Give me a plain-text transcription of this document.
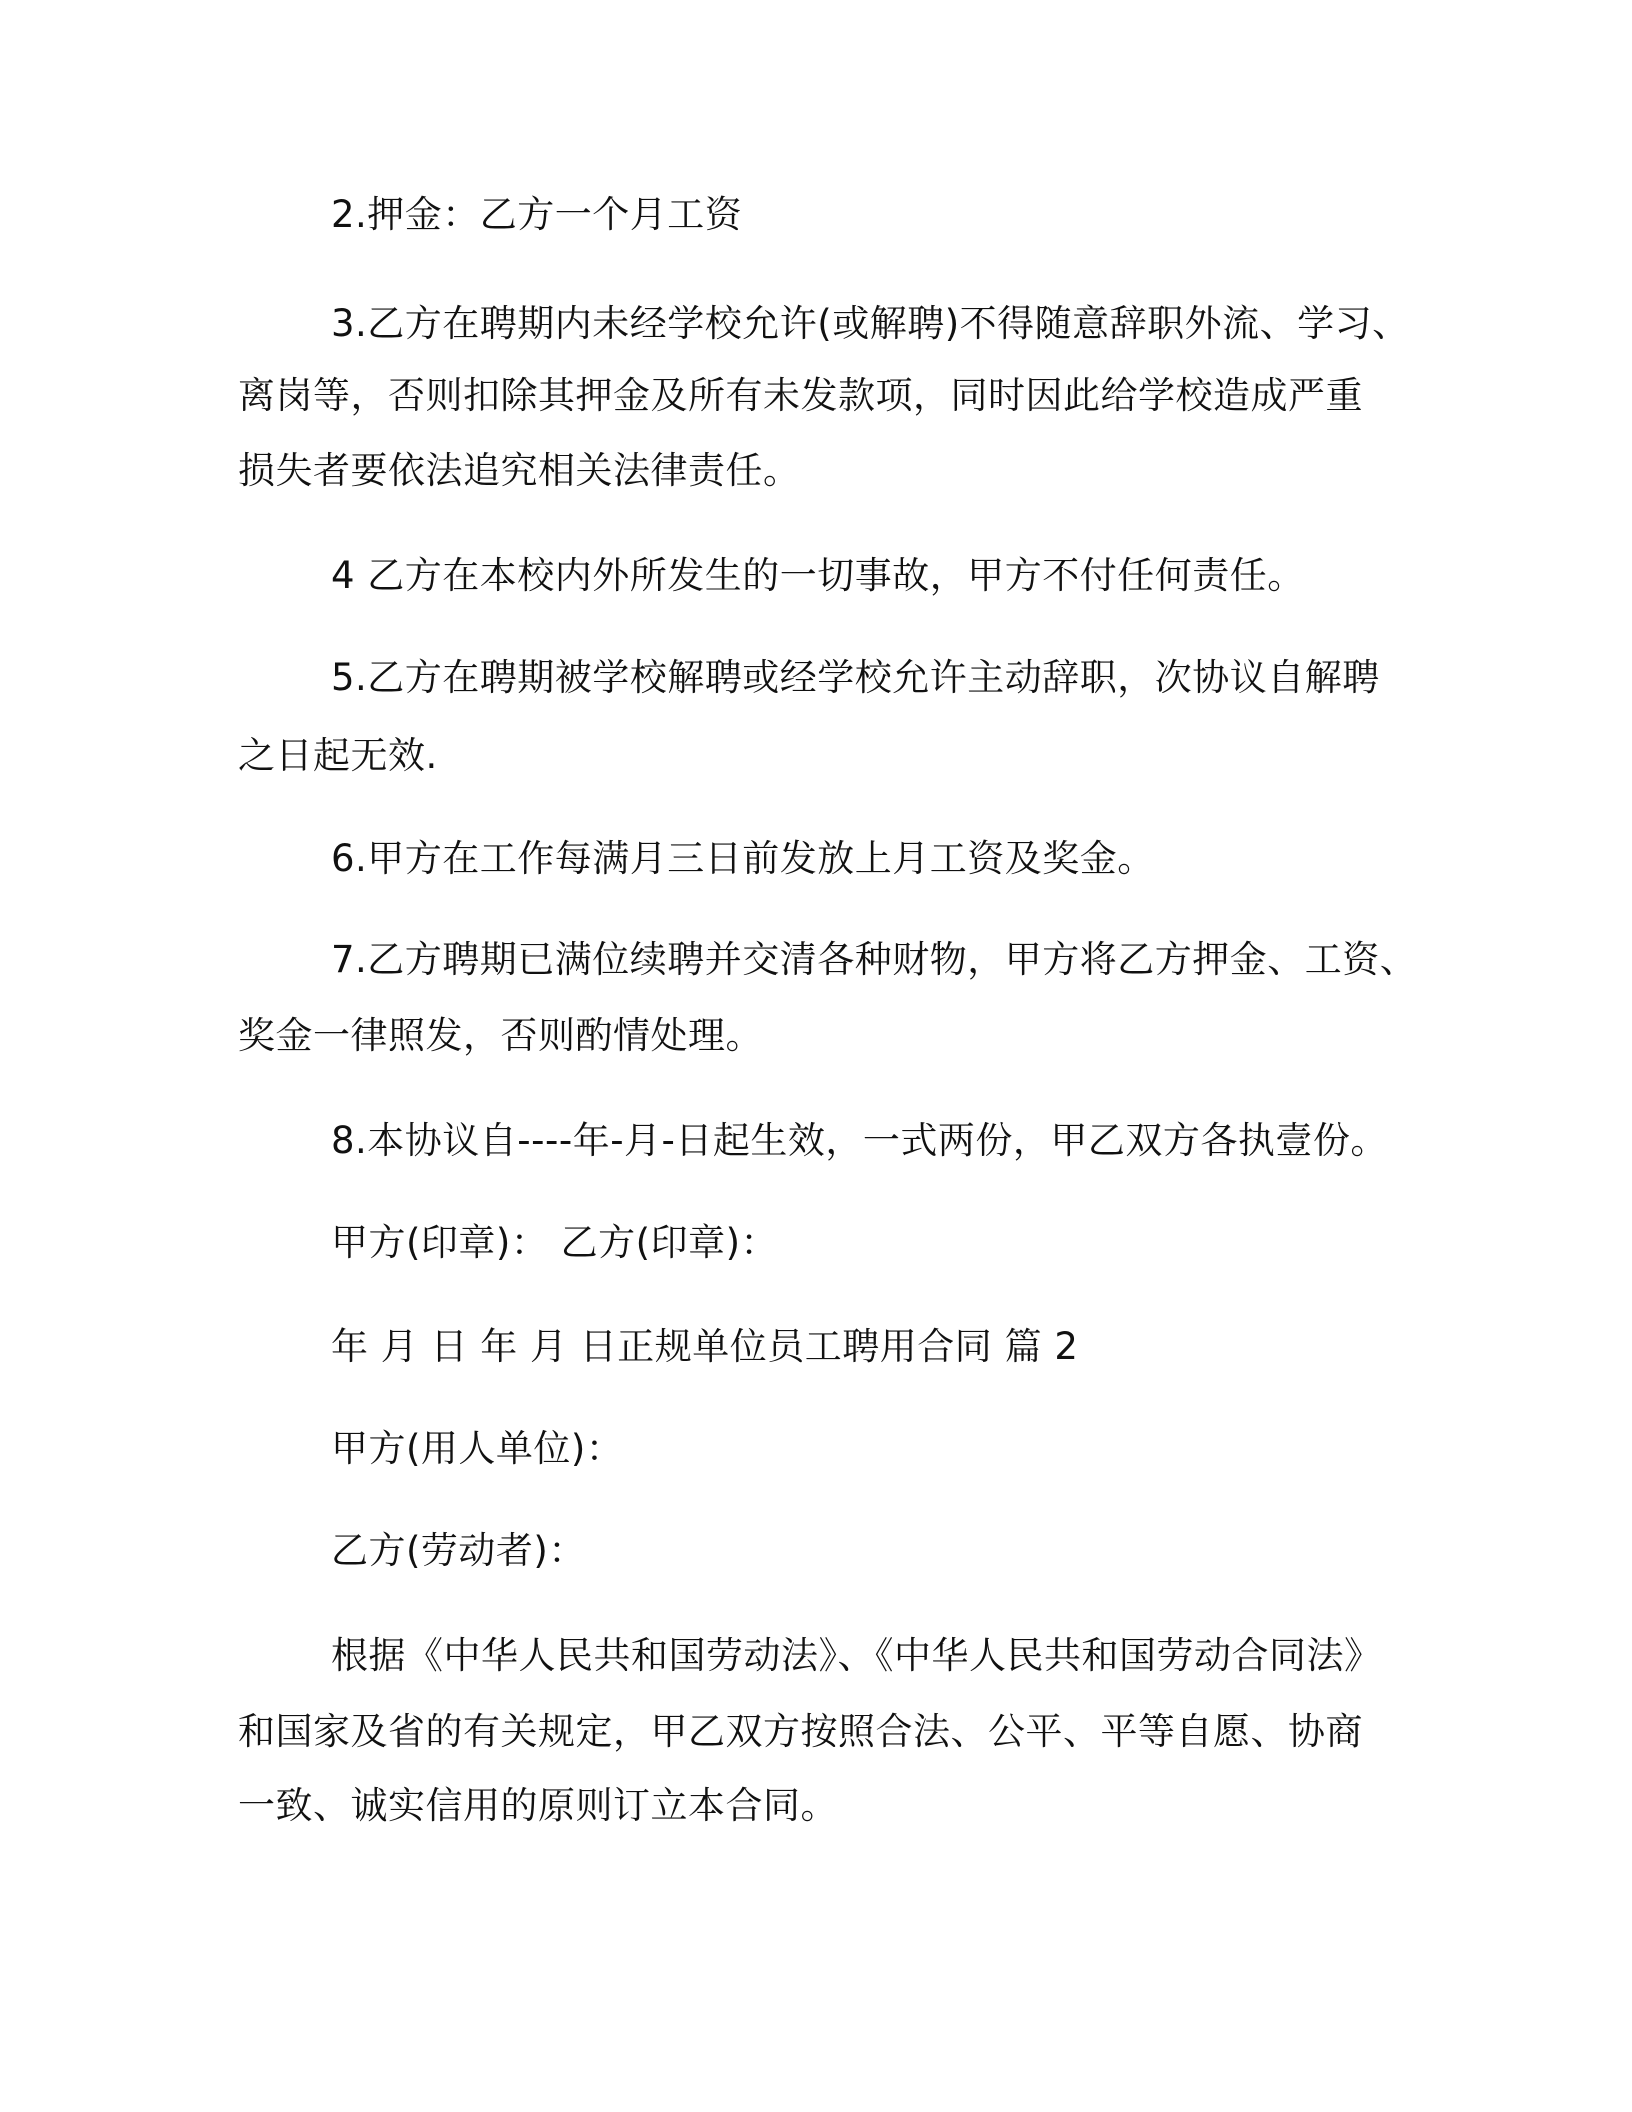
2.押金：乙方一个月工资
3.乙方在聘期内未经学校允许(或解聘)不得随意辞职外流、学习、
离岗等，否则扣除其押金及所有未发款项，同时因此给学校造成严重
损失者要依法追究相关法律责任。
4 乙方在本校内外所发生的一切事故，甲方不付任何责任。
5.乙方在聘期被学校解聘或经学校允许主动辞职，次协议自解聘
之日起无效.
6.甲方在工作每满月三日前发放上月工资及奖金。
7.乙方聘期已满位续聘并交清各种财物，甲方将乙方押金、工资、
奖金一律照发，否则酌情处理。
8.本协议自----年-月-日起生效，一式两份，甲乙双方各执壹份。
甲方(印章)： 乙方(印章)：
年 月 日 年 月 日正规单位员工聘用合同 篇 2
甲方(用人单位)：
乙方(劳动者)：
根据《中华人民共和国劳动法》、《中华人民共和国劳动合同法》
和国家及省的有关规定，甲乙双方按照合法、公平、平等自愿、协商
一致、诚实信用的原则订立本合同。
